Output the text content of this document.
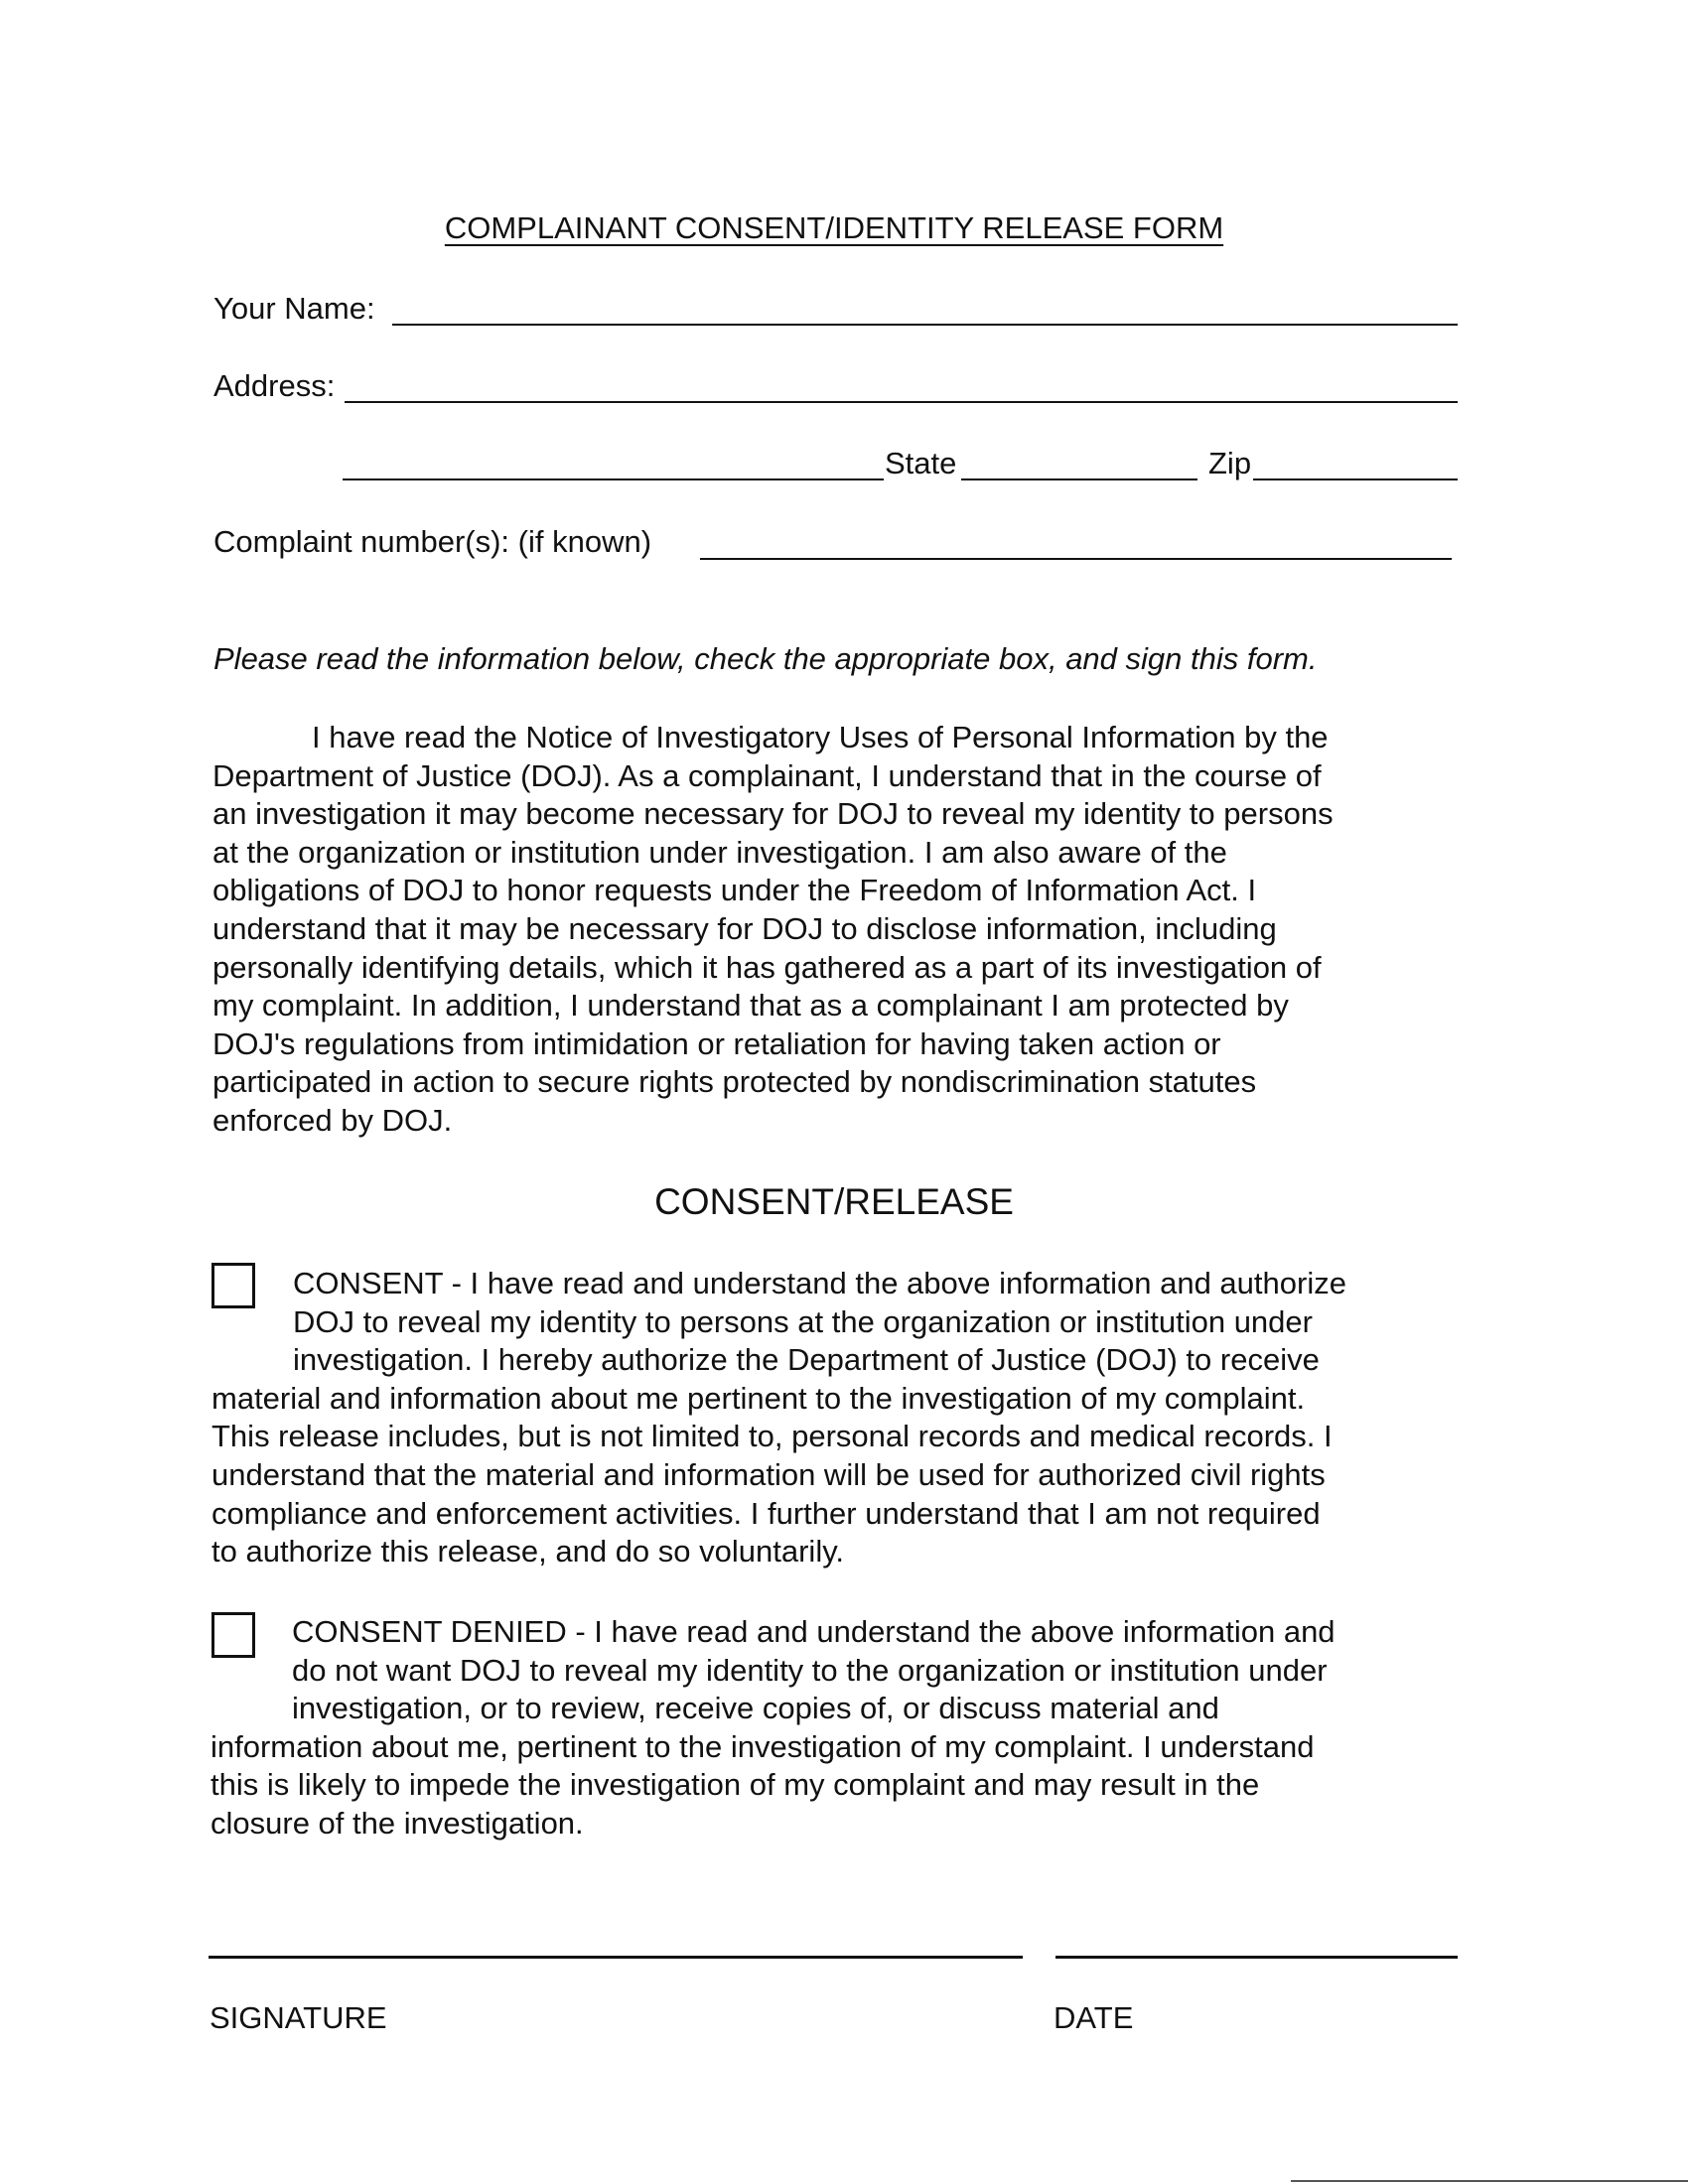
COMPLAINANT CONSENT/IDENTITY RELEASE FORM
Your Name:
Address:
State	Zip
Complaint number(s): (if known)
Please read the information below, check the appropriate box, and sign this form.

I have read the Notice of Investigatory Uses of Personal Information by the

Department of Justice (DOJ). As a complainant, I understand that in the course of

an investigation it may become necessary for DOJ to reveal my identity to persons

at the organization or institution under investigation. I am also aware of the

obligations of DOJ to honor requests under the Freedom of Information Act. I

understand that it may be necessary for DOJ to disclose information, including

personally identifying details, which it has gathered as a part of its investigation of

my complaint. In addition, I understand that as a complainant I am protected by

DOJ's regulations from intimidation or retaliation for having taken action or

participated in action to secure rights protected by nondiscrimination statutes

enforced by DOJ.

CONSENT/RELEASE

CONSENT - I have read and understand the above information and authorize

DOJ to reveal my identity to persons at the organization or institution under

investigation. I hereby authorize the Department of Justice (DOJ) to receive

material and information about me pertinent to the investigation of my complaint.

This release includes, but is not limited to, personal records and medical records. I

understand that the material and information will be used for authorized civil rights

compliance and enforcement activities. I further understand that I am not required

to authorize this release, and do so voluntarily.

CONSENT DENIED - I have read and understand the above information and

do not want DOJ to reveal my identity to the organization or institution under

investigation, or to review, receive copies of, or discuss material and

information about me, pertinent to the investigation of my complaint. I understand

this is likely to impede the investigation of my complaint and may result in the

closure of the investigation.

SIGNATURE	DATE
